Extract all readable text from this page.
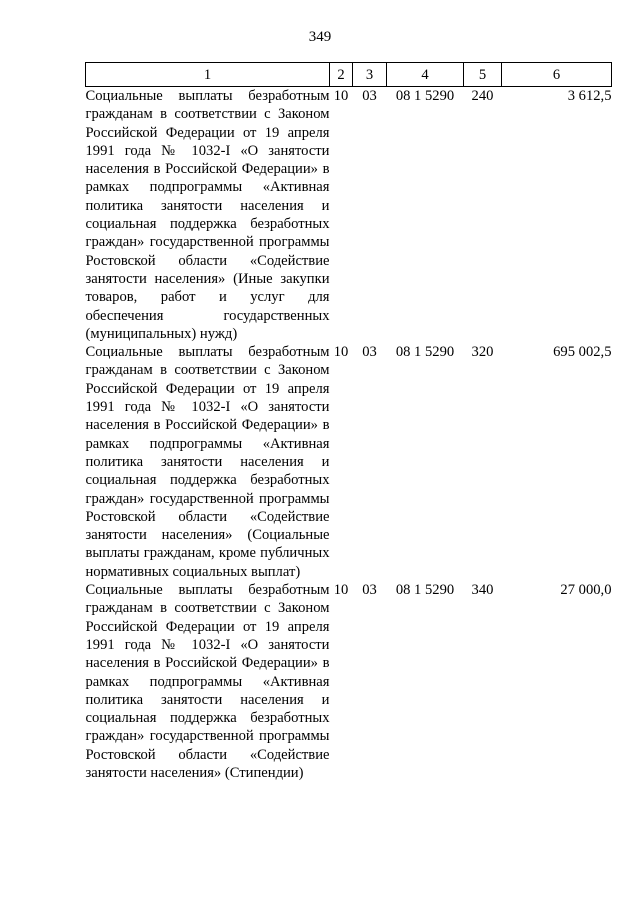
349
1	2	3	4	5	6
Социальные выплаты безработным гражданам в соответствии с Законом Российской Федерации от 19 апреля 1991 года № 1032-I «О занятости населения в Российской Федерации» в рамках подпрограммы «Активная политика занятости населения и социальная поддержка безработных граждан» государственной программы Ростовской области «Содействие занятости населения» (Иные закупки товаров, работ и услуг для обеспечения государственных (муниципальных) нужд)	10	03	08 1 5290	240	3 612,5
Социальные выплаты безработным гражданам в соответствии с Законом Российской Федерации от 19 апреля 1991 года № 1032-I «О занятости населения в Российской Федерации» в рамках подпрограммы «Активная политика занятости населения и социальная поддержка безработных граждан» государственной программы Ростовской области «Содействие занятости населения» (Социальные выплаты гражданам, кроме публичных нормативных социальных выплат)	10	03	08 1 5290	320	695 002,5
Социальные выплаты безработным гражданам в соответствии с Законом Российской Федерации от 19 апреля 1991 года № 1032-I «О занятости населения в Российской Федерации» в рамках подпрограммы «Активная политика занятости населения и социальная поддержка безработных граждан» государственной программы Ростовской области «Содействие занятости населения» (Стипендии)	10	03	08 1 5290	340	27 000,0
